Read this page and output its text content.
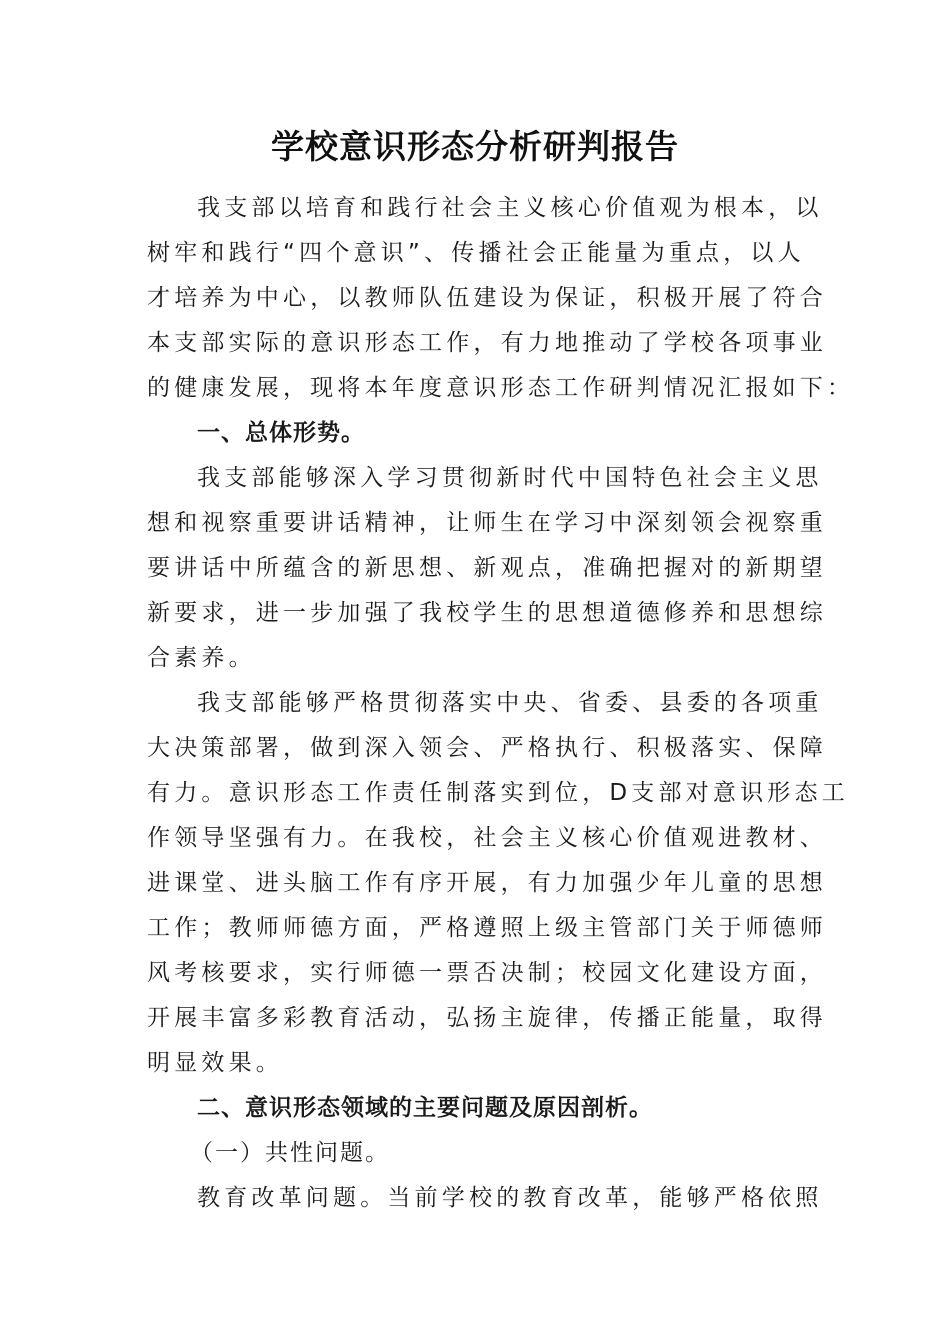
学校意识形态分析研判报告
我支部以培育和践行社会主义核心价值观为根本，以
树牢和践行“四个意识”、传播社会正能量为重点，以人
才培养为中心，以教师队伍建设为保证，积极开展了符合
本支部实际的意识形态工作，有力地推动了学校各项事业
的健康发展，现将本年度意识形态工作研判情况汇报如下：
一、总体形势。
我支部能够深入学习贯彻新时代中国特色社会主义思
想和视察重要讲话精神，让师生在学习中深刻领会视察重
要讲话中所蕴含的新思想、新观点，准确把握对的新期望
新要求，进一步加强了我校学生的思想道德修养和思想综
合素养。
我支部能够严格贯彻落实中央、省委、县委的各项重
大决策部署，做到深入领会、严格执行、积极落实、保障
有力。意识形态工作责任制落实到位，D支部对意识形态工
作领导坚强有力。在我校，社会主义核心价值观进教材、
进课堂、进头脑工作有序开展，有力加强少年儿童的思想
工作；教师师德方面，严格遵照上级主管部门关于师德师
风考核要求，实行师德一票否决制；校园文化建设方面，
开展丰富多彩教育活动，弘扬主旋律，传播正能量，取得
明显效果。
二、意识形态领域的主要问题及原因剖析。
（一）共性问题。
教育改革问题。当前学校的教育改革，能够严格依照
